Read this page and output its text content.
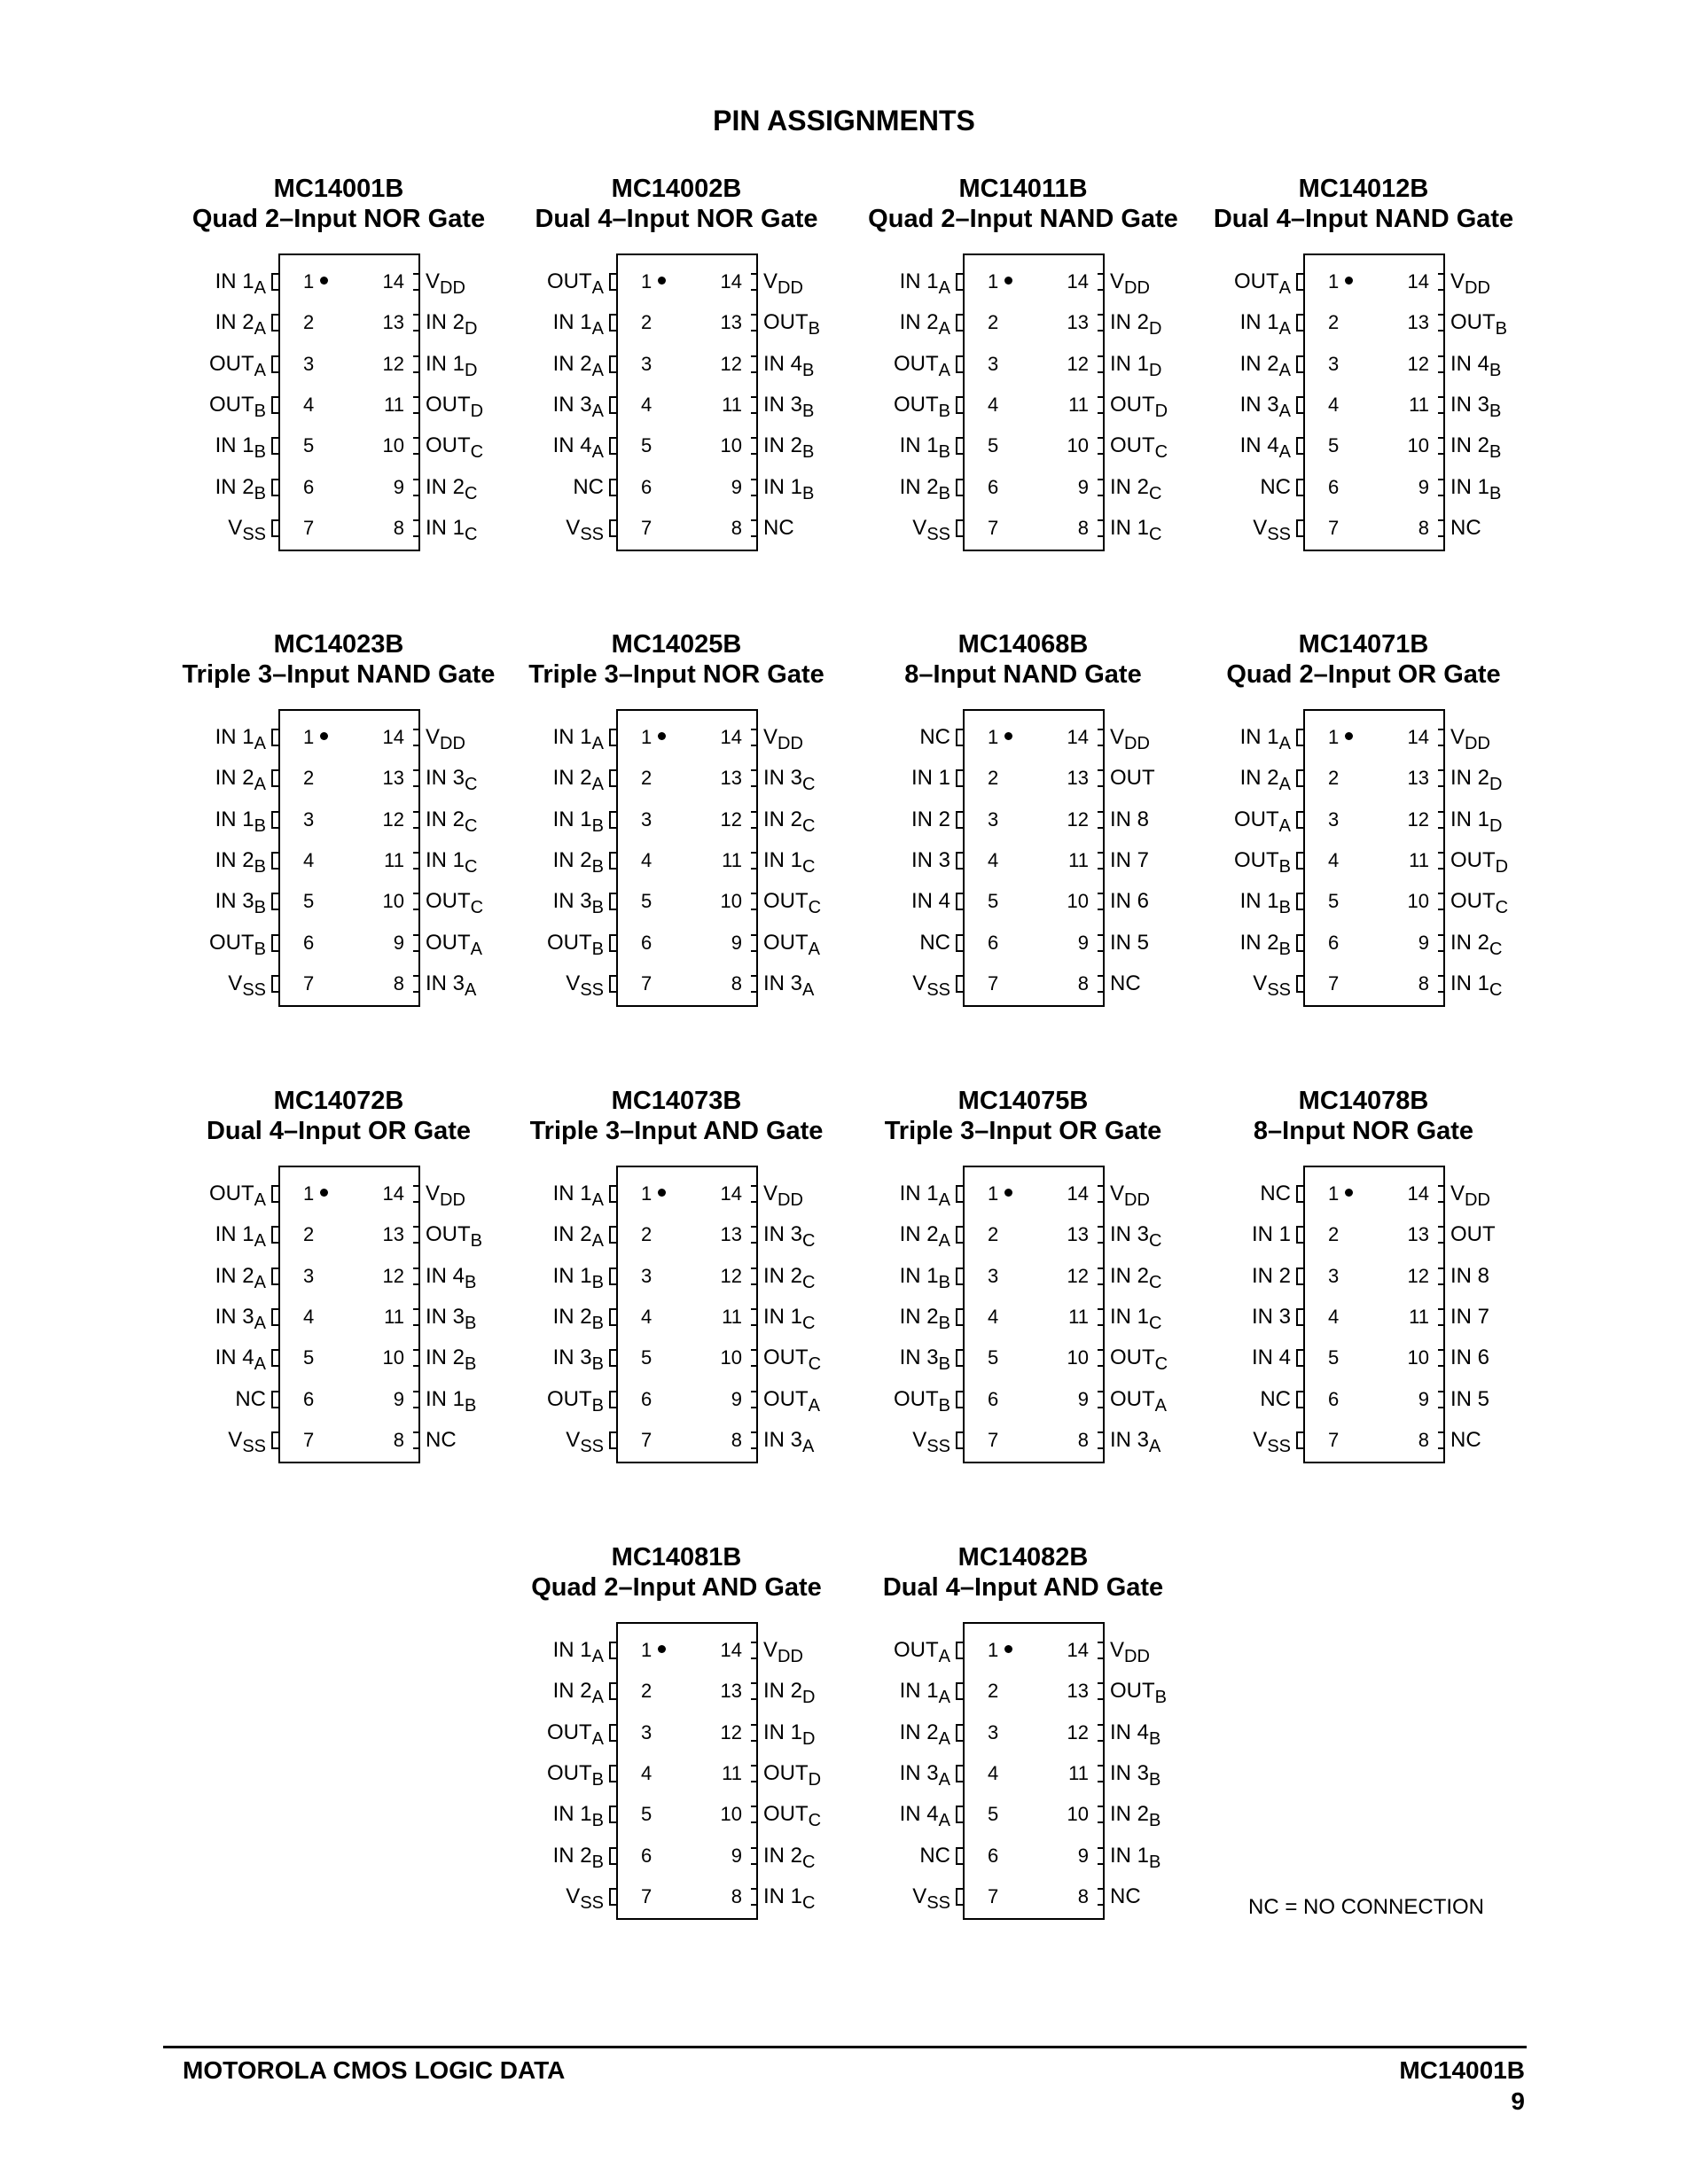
PIN ASSIGNMENTS
MC14001B
Quad 2–Input NOR Gate
IN $1_A$ 1	14 $V_{DD}$
IN $2_A$ 2	13 IN $2_D$
$OUT_A$ 3	12 IN $1_D$
$OUT_B$ 4	11 $OUT_D$
IN $1_B$ 5	10 $OUT_C$
IN $2_B$ 6	9 IN $2_C$
$V_{SS}$ 7	8 IN $1_C$
MC14002B
Dual 4–Input NOR Gate
$OUT_A$ 1	14 $V_{DD}$
IN $1_A$ 2	13 $OUT_B$
IN $2_A$ 3	12 IN $4_B$
IN $3_A$ 4	11 IN $3_B$
IN $4_A$ 5	10 IN $2_B$
NC 6	9 IN $1_B$
$V_{SS}$ 7	8 NC
MC14011B
Quad 2–Input NAND Gate
IN $1_A$ 1	14 $V_{DD}$
IN $2_A$ 2	13 IN $2_D$
$OUT_A$ 3	12 IN $1_D$
$OUT_B$ 4	11 $OUT_D$
IN $1_B$ 5	10 $OUT_C$
IN $2_B$ 6	9 IN $2_C$
$V_{SS}$ 7	8 IN $1_C$
MC14012B
Dual 4–Input NAND Gate
$OUT_A$ 1	14 $V_{DD}$
IN $1_A$ 2	13 $OUT_B$
IN $2_A$ 3	12 IN $4_B$
IN $3_A$ 4	11 IN $3_B$
IN $4_A$ 5	10 IN $2_B$
NC 6	9 IN $1_B$
$V_{SS}$ 7	8 NC
MC14023B
Triple 3–Input NAND Gate
IN $1_A$ 1	14 $V_{DD}$
IN $2_A$ 2	13 IN $3_C$
IN $1_B$ 3	12 IN $2_C$
IN $2_B$ 4	11 IN $1_C$
IN $3_B$ 5	10 $OUT_C$
$OUT_B$ 6	9 $OUT_A$
$V_{SS}$ 7	8 IN $3_A$
MC14025B
Triple 3–Input NOR Gate
IN $1_A$ 1	14 $V_{DD}$
IN $2_A$ 2	13 IN $3_C$
IN $1_B$ 3	12 IN $2_C$
IN $2_B$ 4	11 IN $1_C$
IN $3_B$ 5	10 $OUT_C$
$OUT_B$ 6	9 $OUT_A$
$V_{SS}$ 7	8 IN $3_A$
MC14068B
8–Input NAND Gate
NC 1	14 $V_{DD}$
IN 1 2	13 OUT
IN 2 3	12 IN 8
IN 3 4	11 IN 7
IN 4 5	10 IN 6
NC 6	9 IN 5
$V_{SS}$ 7	8 NC
MC14071B
Quad 2–Input OR Gate
IN $1_A$ 1	14 $V_{DD}$
IN $2_A$ 2	13 IN $2_D$
$OUT_A$ 3	12 IN $1_D$
$OUT_B$ 4	11 $OUT_D$
IN $1_B$ 5	10 $OUT_C$
IN $2_B$ 6	9 IN $2_C$
$V_{SS}$ 7	8 IN $1_C$
MC14072B
Dual 4–Input OR Gate
$OUT_A$ 1	14 $V_{DD}$
IN $1_A$ 2	13 $OUT_B$
IN $2_A$ 3	12 IN $4_B$
IN $3_A$ 4	11 IN $3_B$
IN $4_A$ 5	10 IN $2_B$
NC 6	9 IN $1_B$
$V_{SS}$ 7	8 NC
MC14073B
Triple 3–Input AND Gate
IN $1_A$ 1	14 $V_{DD}$
IN $2_A$ 2	13 IN $3_C$
IN $1_B$ 3	12 IN $2_C$
IN $2_B$ 4	11 IN $1_C$
IN $3_B$ 5	10 $OUT_C$
$OUT_B$ 6	9 $OUT_A$
$V_{SS}$ 7	8 IN $3_A$
MC14075B
Triple 3–Input OR Gate
IN $1_A$ 1	14 $V_{DD}$
IN $2_A$ 2	13 IN $3_C$
IN $1_B$ 3	12 IN $2_C$
IN $2_B$ 4	11 IN $1_C$
IN $3_B$ 5	10 $OUT_C$
$OUT_B$ 6	9 $OUT_A$
$V_{SS}$ 7	8 IN $3_A$
MC14078B
8–Input NOR Gate
NC 1	14 $V_{DD}$
IN 1 2	13 OUT
IN 2 3	12 IN 8
IN 3 4	11 IN 7
IN 4 5	10 IN 6
NC 6	9 IN 5
$V_{SS}$ 7	8 NC
MC14081B
Quad 2–Input AND Gate
IN $1_A$ 1	14 $V_{DD}$
IN $2_A$ 2	13 IN $2_D$
$OUT_A$ 3	12 IN $1_D$
$OUT_B$ 4	11 $OUT_D$
IN $1_B$ 5	10 $OUT_C$
IN $2_B$ 6	9 IN $2_C$
$V_{SS}$ 7	8 IN $1_C$
MC14082B
Dual 4–Input AND Gate
$OUT_A$ 1	14 $V_{DD}$
IN $1_A$ 2	13 $OUT_B$
IN $2_A$ 3	12 IN $4_B$
IN $3_A$ 4	11 IN $3_B$
IN $4_A$ 5	10 IN $2_B$
NC 6	9 IN $1_B$
$V_{SS}$ 7	8 NC	NC = NO CONNECTION
MOTOROLA CMOS LOGIC DATA	MC14001B
9
